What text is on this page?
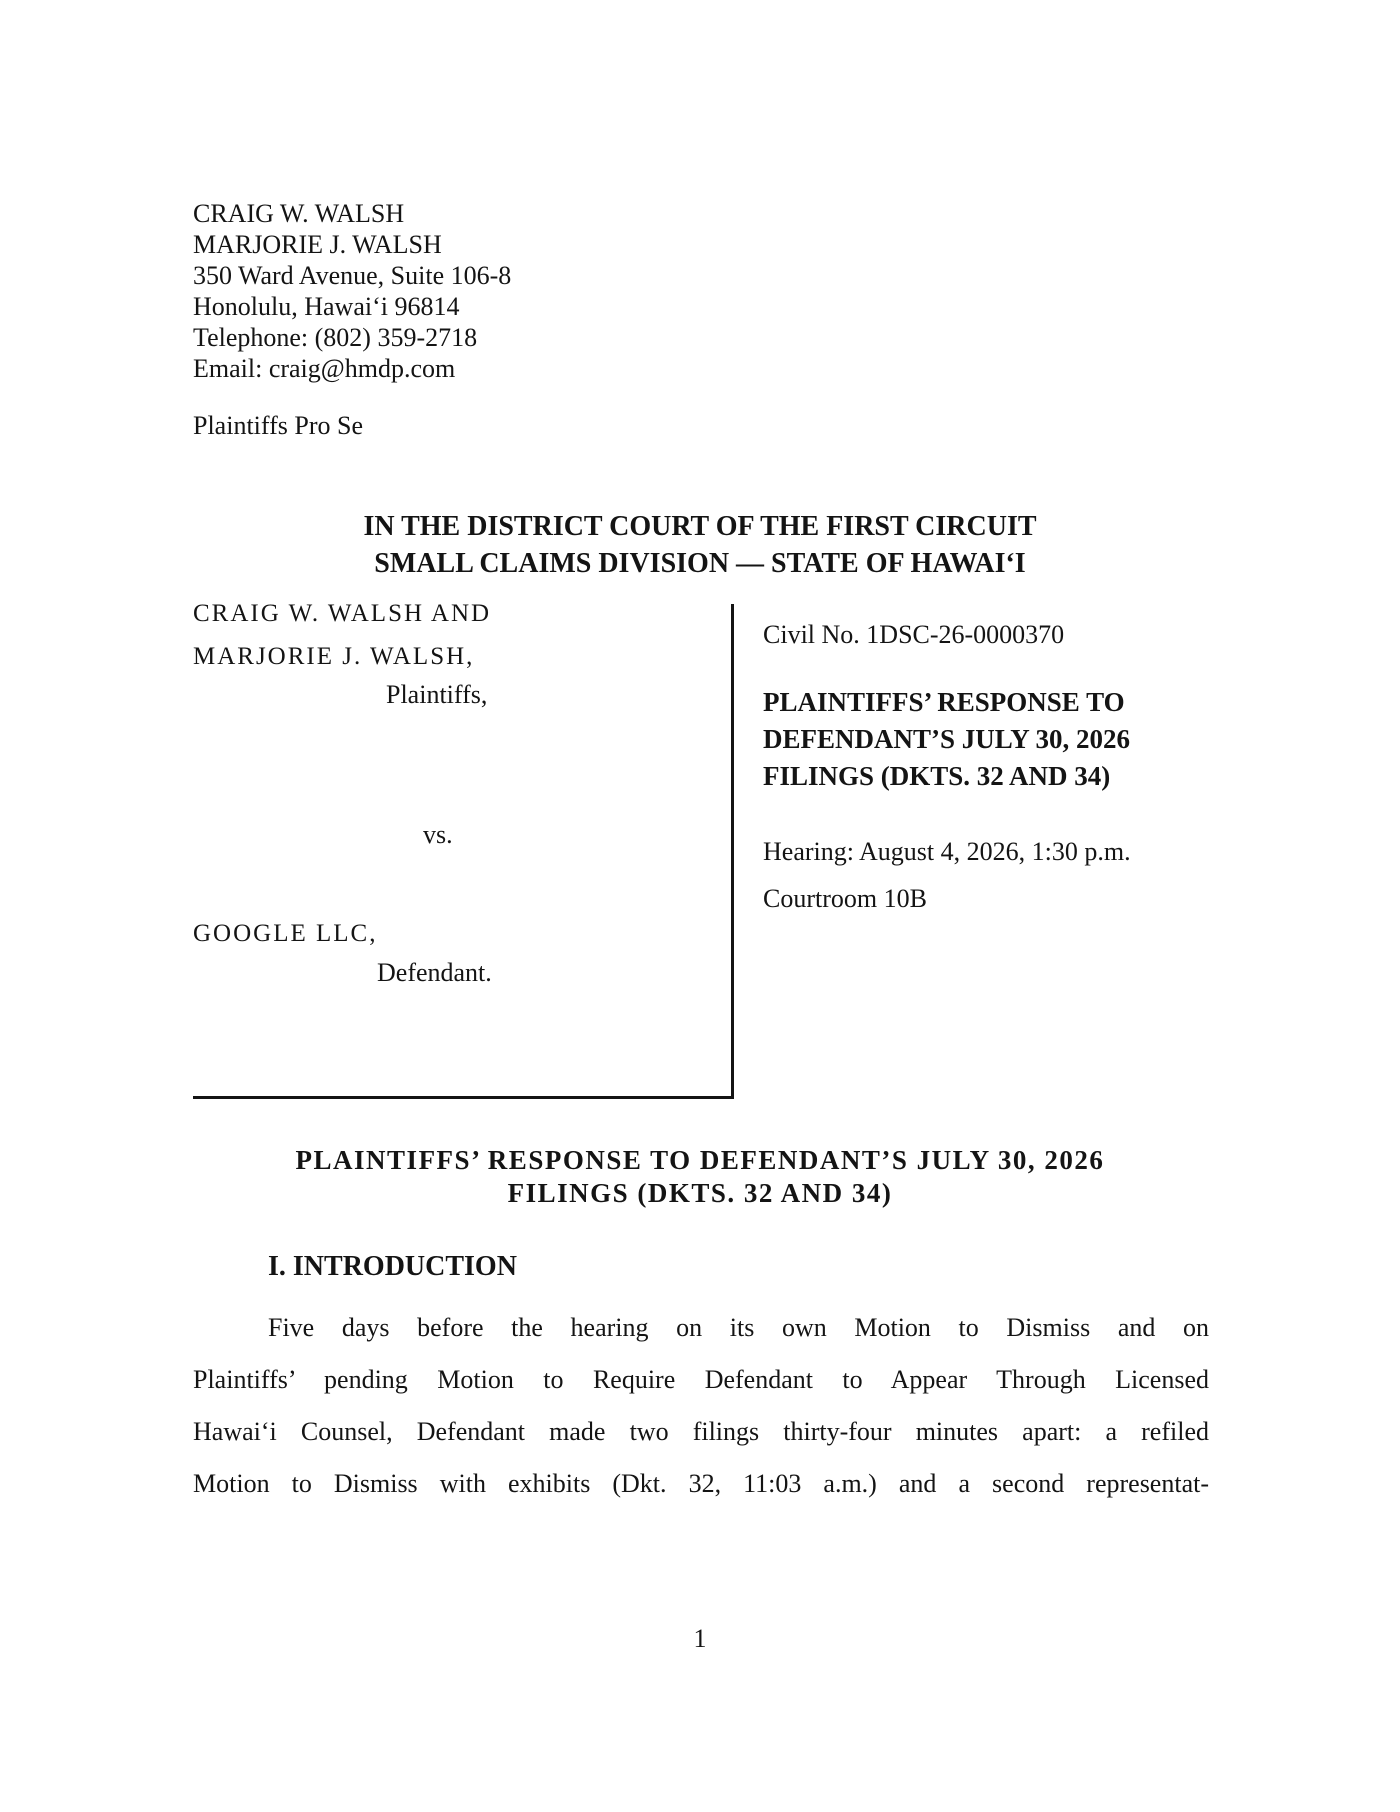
CRAIG W. WALSH
MARJORIE J. WALSH
350 Ward Avenue, Suite 106-8
Honolulu, Hawai‘i 96814
Telephone: (802) 359-2718
Email: craig@hmdp.com
Plaintiffs Pro Se
IN THE DISTRICT COURT OF THE FIRST CIRCUIT
SMALL CLAIMS DIVISION — STATE OF HAWAI‘I
CRAIG W. WALSH AND
MARJORIE J. WALSH,
Plaintiffs,
vs.
GOOGLE LLC,
Defendant.
Civil No. 1DSC-26-0000370
PLAINTIFFS’ RESPONSE TO
DEFENDANT’S JULY 30, 2026
FILINGS (DKTS. 32 AND 34)
Hearing: August 4, 2026, 1:30 p.m.
Courtroom 10B
PLAINTIFFS’ RESPONSE TO DEFENDANT’S JULY 30, 2026
FILINGS (DKTS. 32 AND 34)
I. INTRODUCTION
Five days before the hearing on its own Motion to Dismiss and on
Plaintiffs’ pending Motion to Require Defendant to Appear Through Licensed
Hawai‘i Counsel, Defendant made two filings thirty-four minutes apart: a refiled
Motion to Dismiss with exhibits (Dkt. 32, 11:03 a.m.) and a second representat-
1
